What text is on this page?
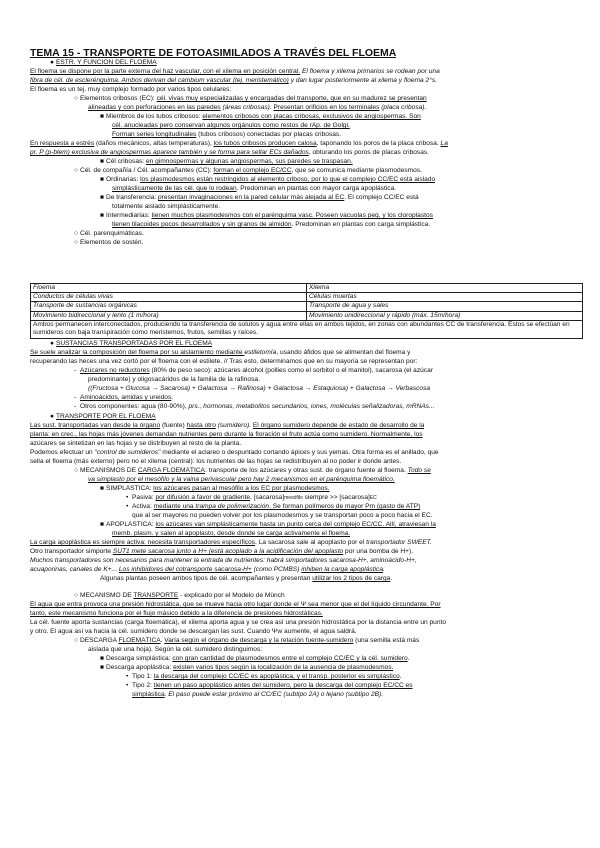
TEMA 15 - TRANSPORTE DE FOTOASIMILADOS A TRAVÉS DEL FLOEMA
● ESTR. Y FUNCIÓN DEL FLOEMA
El floema se dispone por la parte externa del haz vascular, con el xilema en posición central. El floema y xilema primarios se rodean por una
fibra de cél. de esclerénquima. Ambos derivan del cambium vascular (tej. meristemático) y dan lugar posteriormente al xilema y floema 2°s.
El floema es un tej. muy complejo formado por varios tipos celulares:
○ Elementos cribosos (EC): cél. vivas muy especializadas y encargadas del transporte, que en su madurez se presentan
alineadas y con perforaciones en las paredes (áreas cribosas). Presentan orificios en los terminales (placa cribosa).
■ Miembros de los tubos cribosos: elementos cribosos con placas cribosas, exclusivos de angiospermas. Son
cél. anucleadas pero conservan algunos orgánulos como restos de rAp. de Golgi.
Forman series longitudinales (tubos cribosos) conectadas por placas cribosas.
En respuesta a estrés (daños mecánicos, altas temperaturas), los tubos cribosos producen calosa, taponando los poros de la placa cribosa. La
pr. P (p-blem) exclusiva de angiospermas aparece también y se forma para sellar ECs dañados, obturando los poros de placas cribosas.
■ Cél cribosas: en gimnospermas y algunas angiospermas, sus paredes se traspasan.
○ Cél. de compañía / Cél. acompañantes (CC): forman el complejo EC/CC, que se comunica mediante plasmodesmos.
■ Ordinarias: los plasmodesmos están restringidos al elemento criboso, por lo que el complejo CC/EC está aislado
simplásticamente de las cél. que lo rodean. Predominan en plantas con mayor carga apoplástica.
■ De transferencia: presentan invaginaciones en la pared celular más alejada al EC. El complejo CC/EC está
totalmente aislado simplásticamente.
■ Intermediarias: tienen muchos plasmodesmos con el parénquima vasc. Poseen vacuolas peq. y los cloroplastos
tienen tilacoides pocos desarrollados y sin granos de almidón. Predominan en plantas con carga simplástica.
○ Cél. parenquimáticas.
○ Elementos de sostén.
Floema	Xilema
Conductos de células vivas	Células muertas
Transporte de sustancias orgánicas	Transporte de agua y sales
Movimiento bidireccional y lento (1 m/hora)	Movimiento unidireccional y rápido (máx. 15m/hora)
Ambos permanecen interconectados, produciendo la transferencia de solutos y agua entre ellas en ambos tejidos, en zonas con abundantes CC de transferencia. Éstos se efectúan en sumideros con baja transpiración como meristemos, frutos, semillas y raíces.	
● SUSTANCIAS TRANSPORTADAS POR EL FLOEMA
Se suele analizar la composición del floema por su aislamiento mediante estiletomía, usando áfidos que se alimentan del floema y
recuperando las heces una vez cortó por el floema con el estilete. // Tras esto, determinamos que en su mayoría se representan por:
- Azúcares no reductores (80% de peso seco): azúcares alcohol (pollies como el sorbitol o el manitol), sacarosa (el azúcar
predominante) y oligosacáridos de la familia de la rafinosa.
((Fructosa + Glucosa → Sacarosa) + Galactosa → Rafinosa) + Galactosa → Estaquiosa) + Galactosa → Verbascosa
- Aminoácidos, amidas y ureidos.
- Otros componentes: agua (80-90%), prs., hormonas, metabolitos secundarios, iones, moléculas señalizadoras, mRNAs...
● TRANSPORTE POR EL FLOEMA
Las sust. transportadas van desde la órgano (fuente) hasta otro (sumidero). El órgano sumidero depende de estado de desarrollo de la
planta: en crec., las hojas más jóvenes demandan nutrientes pero durante la floración el fruto actúa como sumidero. Normalmente, los
azúcares se sintetizan en las hojas y se distribuyen al resto de la planta.
Podemos efectuar un "control de sumideros" mediante el aclareo o despuntado cortando ápices y sus yemas. Otra forma es el anillado, que
sella el floema (más externo) pero no el xilema (central): los nutrientes de las hojas se redistribuyen al no poder ir donde antes.
○ MECANISMOS DE CARGA FLOEMÁTICA: transporte de los azúcares y otras sust. de órgano fuente al floema. Todo se
va simplasto por el mesófilo y la vaina perivascular pero hay 2 mecanismos en el parénquima floemático.
■ SIMPLÁSTICA: los azúcares pasan al mesófilo a los EC por plasmodesmos.
• Pasiva: por difusión a favor de gradiente. [sacarosa]mesófilo siempre >> [sacarosa]EC
• Activa: mediante una trampa de polimerización. Se forman polímeros de mayor Pm (gasto de ATP)
que al ser mayores no pueden volver por los plasmodesmos y se transportan poco a poco hacia el EC.
■ APOPLÁSTICA: los azúcares van simplásticamente hasta un punto cerca del complejo EC/CC. Allí, atraviesan la
memb. plasm. y salen al apoplasto, desde donde se carga activamente el floema.
La carga apoplástica es siempre activa: necesita transportadores específicos. La sacarosa sale al apoplasto por el transportador SWEET.
Otro transportador simporte SUT1 mete sacarosa junto a H+ (está acoplado a la acidificación del apoplasto por una bomba de H+).
Muchos transportadores son necesarios para mantener la entrada de nutrientes: habrá simportadores sacarosa-H+, aminoácido-H+,
acuaporinas, canales de K+... Los inhibidores del cotransporte sacarosa-H+ (como PCMBS) inhiben la carga apoplástica.
Algunas plantas poseen ambos tipos de cél. acompañantes y presentan utilizar los 2 tipos de carga.
○ MECANISMO DE TRANSPORTE - explicado por el Modelo de Münch
El agua que entra provoca una presión hidrostática, que se mueve hacia otro lugar donde el Ψ sea menor que el del líquido circundante. Por
tanto, este mecanismo funciona por el flujo másico debido a la diferencia de presiones hidrostáticas.
La cél. fuente aporta sustancias (carga floemática), el xilema aporta agua y se crea así una presión hidrostática por la distancia entre un punto
y otro. El agua así va hacia la cél. sumidero donde se descargan las sust. Cuando Ψw aumente, el agua saldrá.
○ DESCARGA FLOEMÁTICA. Varía según el órgano de descarga y la relación fuente-sumidero (una semilla está más
aislada que una hoja). Según la cél. sumidero distinguimos:
■ Descarga simplástica: con gran cantidad de plasmodesmos entre el complejo CC/EC y la cél. sumidero.
■ Descarga apoplástica: existen varios tipos según la localización de la ausencia de plasmodesmos.
• Tipo 1: la descarga del complejo CC/EC es apoplástica, y el transp. posterior es simplástico.
• Tipo 2: tienen un paso apoplástico antes del sumidero, pero la descarga del complejo EC/CC es
simplástica. El paso puede estar próximo al CC/EC (subtipo 2A) o lejano (subtipo 2B).
